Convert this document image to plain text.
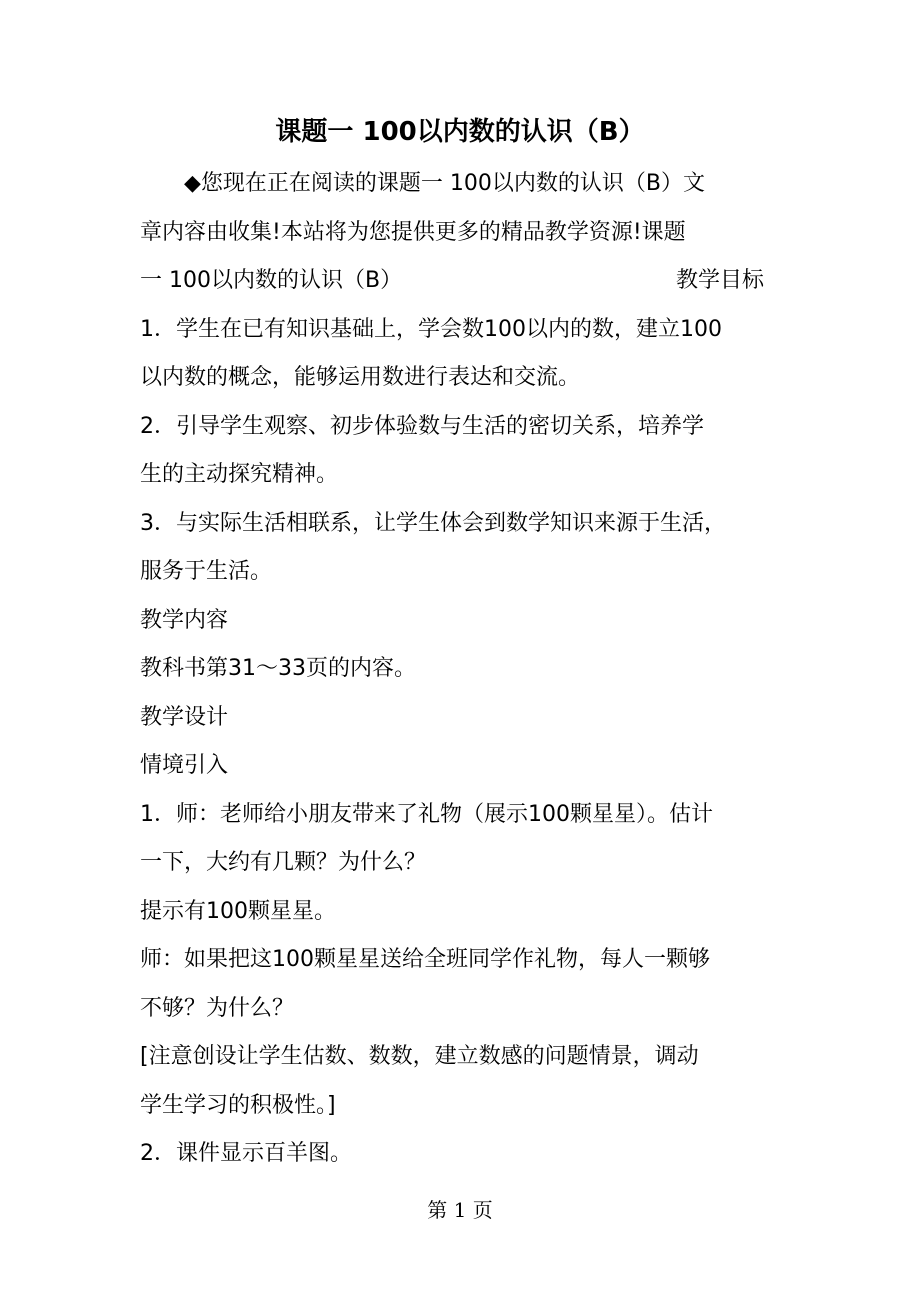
课题一 100以内数的认识（B）
◆您现在正在阅读的课题一 100以内数的认识（B）文
章内容由收集!本站将为您提供更多的精品教学资源!课题
一 100以内数的认识（B）	教学目标
1．学生在已有知识基础上，学会数100以内的数，建立100
以内数的概念，能够运用数进行表达和交流。
2．引导学生观察、初步体验数与生活的密切关系，培养学
生的主动探究精神。
3．与实际生活相联系，让学生体会到数学知识来源于生活，
服务于生活。
教学内容
教科书第31～33页的内容。
教学设计
情境引入
1．师：老师给小朋友带来了礼物（展示100颗星星）。估计
一下，大约有几颗？为什么？
提示有100颗星星。
师：如果把这100颗星星送给全班同学作礼物，每人一颗够
不够？为什么？
[注意创设让学生估数、数数，建立数感的问题情景，调动
学生学习的积极性。]
2．课件显示百羊图。
第 1 页
